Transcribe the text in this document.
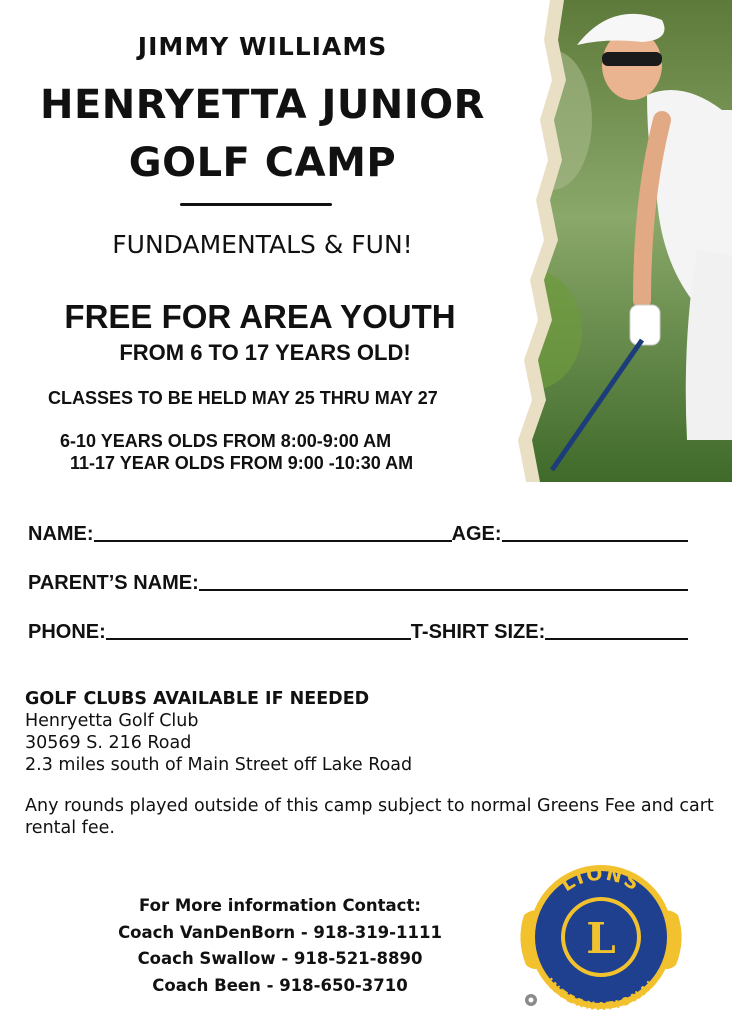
JIMMY WILLIAMS
HENRYETTA JUNIOR
GOLF CAMP
FUNDAMENTALS & FUN!
FREE FOR AREA YOUTH
FROM 6 TO 17 YEARS OLD!
CLASSES TO BE HELD MAY 25 THRU MAY 27
6-10 YEARS OLDS FROM 8:00-9:00 AM
11-17 YEAR OLDS FROM 9:00 -10:30 AM
NAME:	AGE:
PARENT’S NAME:
PHONE:	T-SHIRT SIZE:
GOLF CLUBS AVAILABLE IF NEEDED
Henryetta Golf Club
30569 S. 216 Road
2.3 miles south of Main Street off Lake Road
Any rounds played outside of this camp subject to normal Greens Fee and cart rental fee.
For More information Contact:
Coach VanDenBorn - 918-319-1111
Coach Swallow - 918-521-8890
Coach Been - 918-650-3710
L
LIONS
INTERNATIONAL
